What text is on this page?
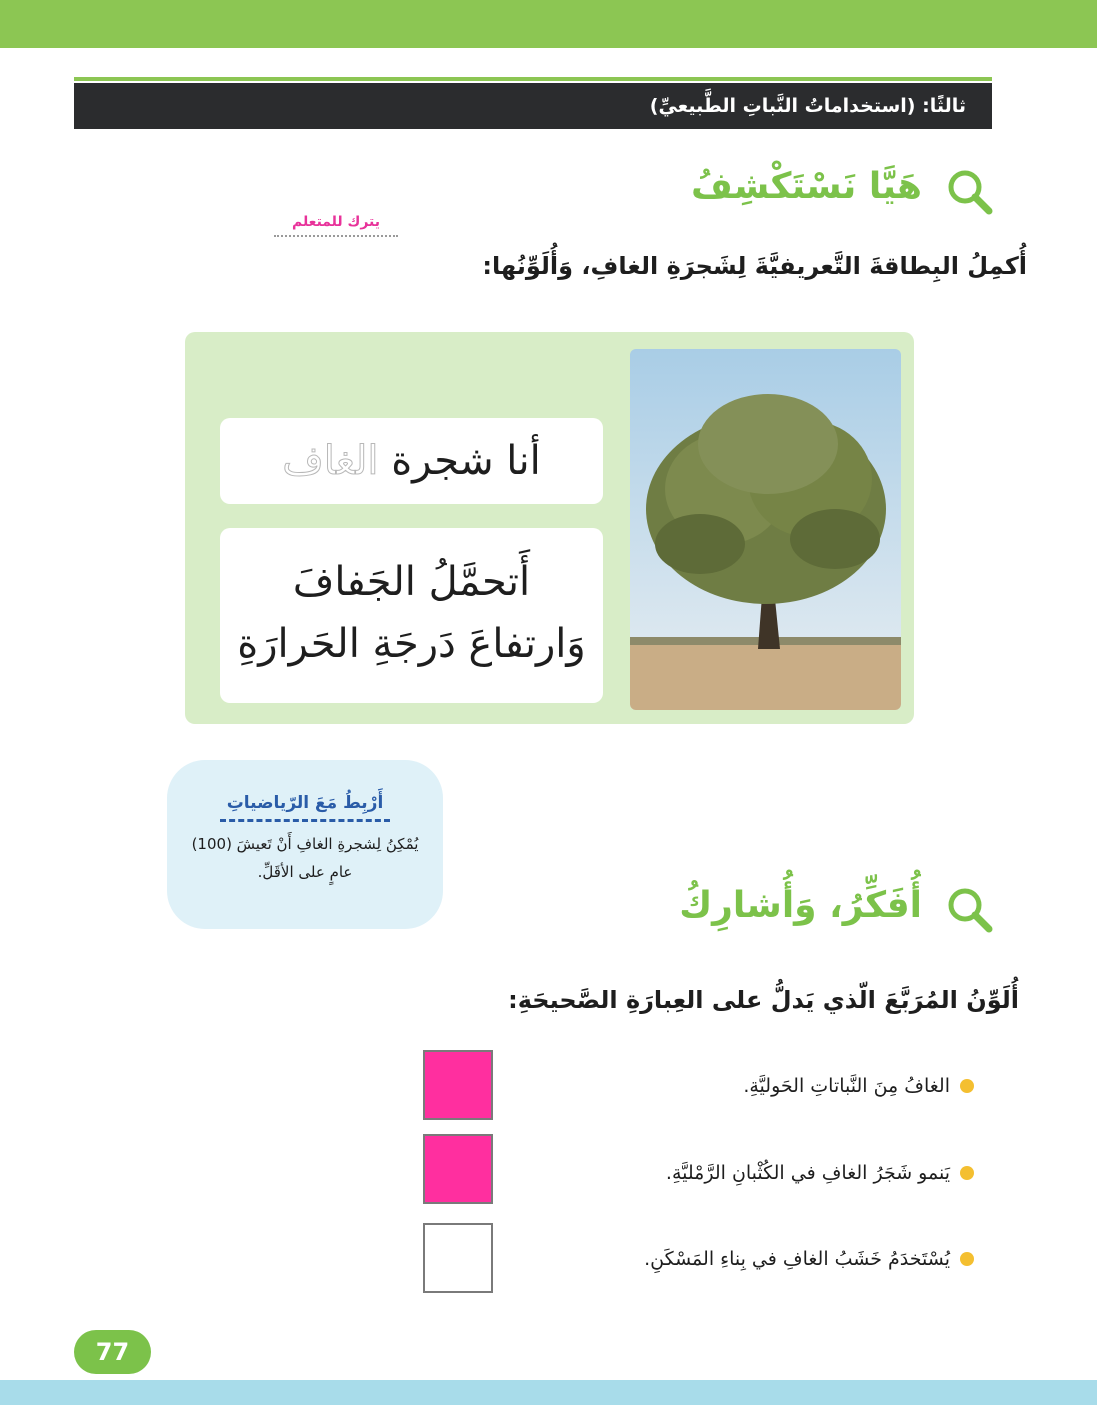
ثالثًا: (استخداماتُ النَّباتِ الطَّبيعيِّ)
هَيَّا نَسْتَكْشِفُ
يترك للمتعلم
أُكمِلُ البِطاقةَ التَّعريفيَّةَ لِشَجرَةِ الغافِ، وَأُلَوِّنُها:
أنا شجرة الغاف
أَتحمَّلُ الجَفافَ
وَارتفاعَ دَرجَةِ الحَرارَةِ
أَرْبِطُ مَعَ الرّياضياتِ
يُمْكِنُ لِشجرةِ الغافِ أَنْ تَعيشَ (100) عامٍ على الأقَلِّ.
أُفَكِّرُ، وَأُشارِكُ
أُلَوِّنُ المُرَبَّعَ الّذي يَدلُّ على العِبارَةِ الصَّحيحَةِ:
الغافُ مِنَ النَّباتاتِ الحَوليَّةِ.
يَنمو شَجَرُ الغافِ في الكُثْبانِ الرَّمْليَّةِ.
يُسْتَخدَمُ خَشَبُ الغافِ في بِناءِ المَسْكَنِ.
77
